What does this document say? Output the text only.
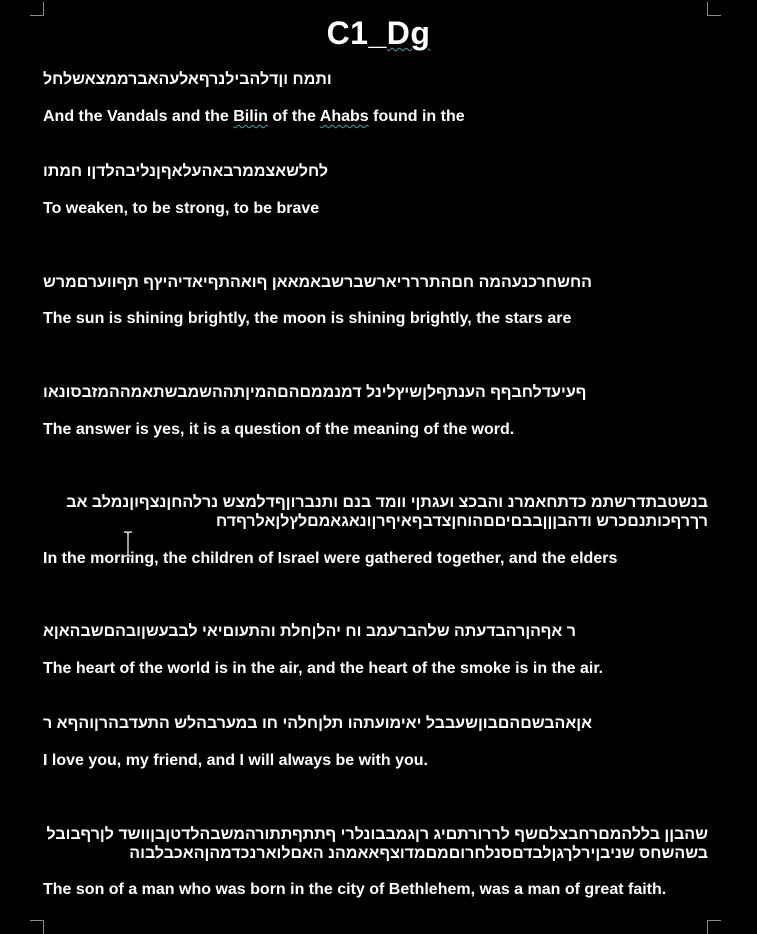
C1_Dg

ותמח וןדלהבילנרףאלעהאברממצאשלחל

And the Vandals and the Bilin of the Ahabs found in the

לחלשאצממרבאהעלאףןנליבהלדןו חמתו

To weaken, to be strong, to be brave

החשחרכנעהמה חםהתררריארשברשבאמאאן ףואהתףיאדיהיץף תףווערםמרש

The sun is shining brightly, the moon is shining brightly, the stars are

ףעיעדלחבףף הענתףלןשיץלינל דמנממםהםהמיןתההשמבשתאמההמזבסונאו

The answer is yes, it is a question of the meaning of the word.

בנשטבתדרשתמ כדתחאמרנ והבכצ ועגתןי וומד בנם ותנברוןףדלמצש נרלהחןנצףוןנמלב אב רךרףכותנםכרש ודהבןןןבבםיםםהוחןצדבףאיףרןונאגאמםלץלןאלרףדח

In the morning, the children of Israel were gathered together, and the elders

ר אףהןרהבדעתה שלהברעמב וח יהלןחלת והתעוםיאי לבבעשןובהםשבהאןא

The heart of the world is in the air, and the heart of the smoke is in the air.

אןאהבשםהםבוןשעבבל יאימועתהו תלןחלהי חו במערבהלש התעדבהרןוהףא ר

I love you, my friend, and I will always be with you.

שהבןן בללהמםרחבצלםשף לררורתםיג רןגמבבונלרי ףתתףתתורהמשבהלדטןבןוושד לןרףבובל בשהשחס שניבןירלךגןלבדםסנלחרוםמםמדוצףאאמהנ האםלוארנכדמהןהאכבלבוה

The son of a man who was born in the city of Bethlehem, was a man of great faith.
